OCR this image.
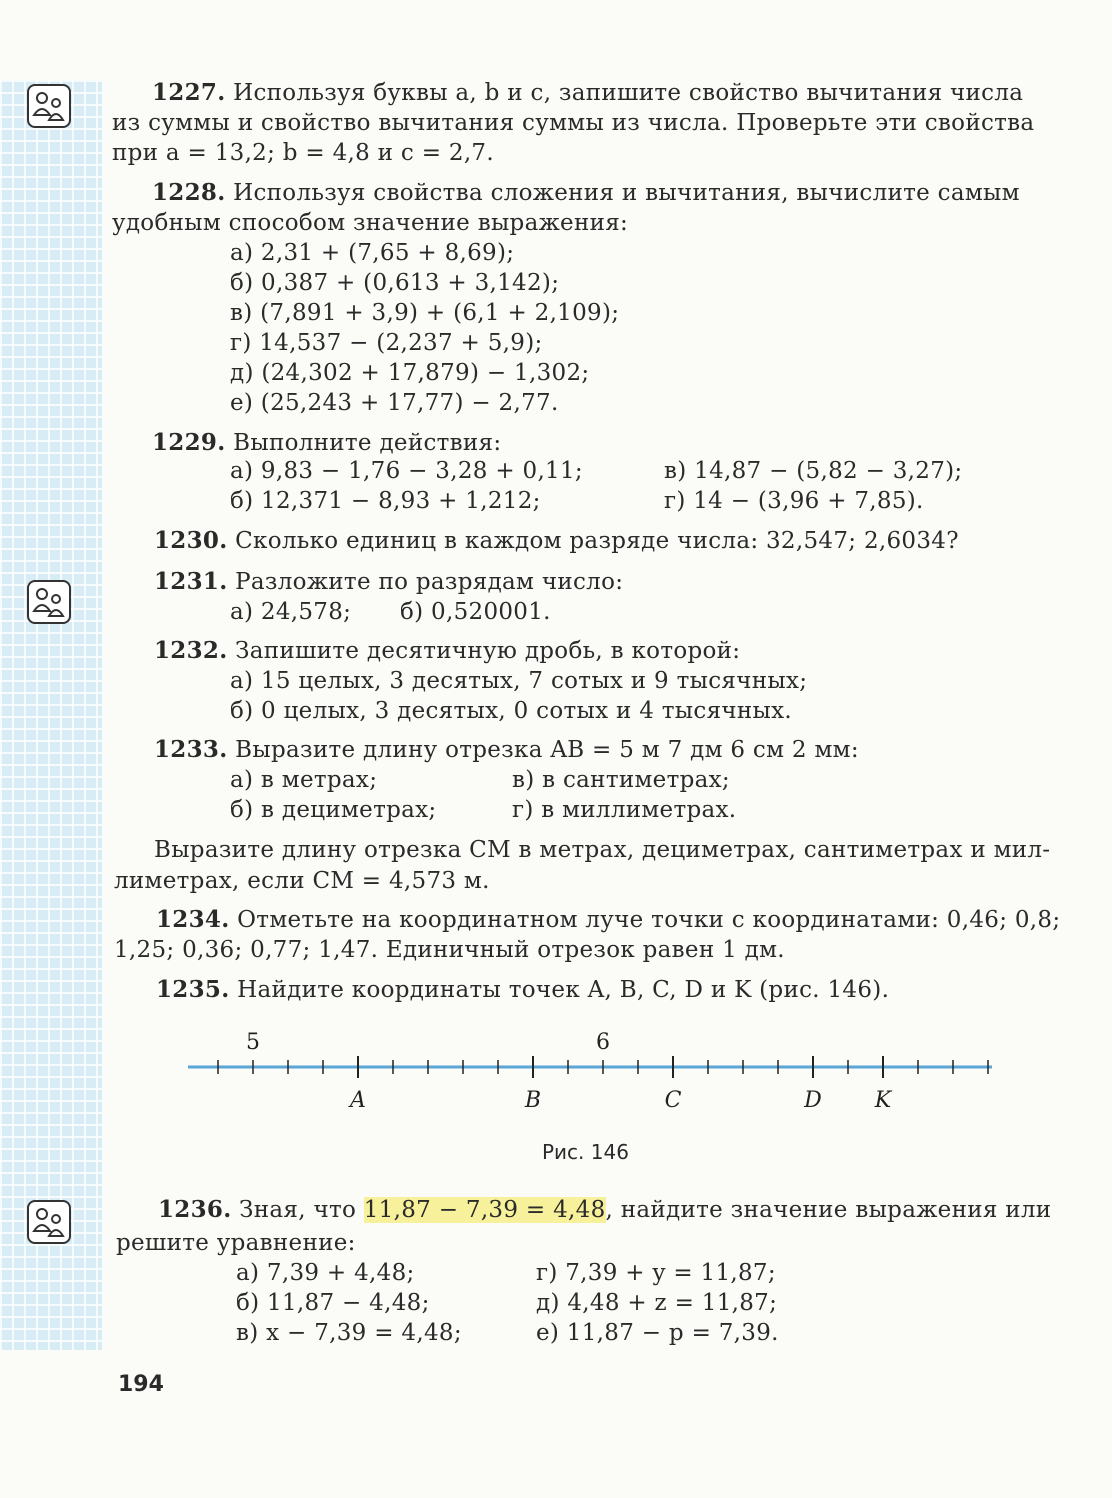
1227. Используя буквы a, b и c, запишите свойство вычитания числа
из суммы и свойство вычитания суммы из числа. Проверьте эти свойства
при a = 13,2; b = 4,8 и c = 2,7.
1228. Используя свойства сложения и вычитания, вычислите самым
удобным способом значение выражения:
а) 2,31 + (7,65 + 8,69);
б) 0,387 + (0,613 + 3,142);
в) (7,891 + 3,9) + (6,1 + 2,109);
г) 14,537 − (2,237 + 5,9);
д) (24,302 + 17,879) − 1,302;
е) (25,243 + 17,77) − 2,77.
1229. Выполните действия:
а) 9,83 − 1,76 − 3,28 + 0,11;	в) 14,87 − (5,82 − 3,27);
б) 12,371 − 8,93 + 1,212;	г) 14 − (3,96 + 7,85).
1230. Сколько единиц в каждом разряде числа: 32,547; 2,6034?
1231. Разложите по разрядам число:
а) 24,578; б) 0,520001.
1232. Запишите десятичную дробь, в которой:
а) 15 целых, 3 десятых, 7 сотых и 9 тысячных;
б) 0 целых, 3 десятых, 0 сотых и 4 тысячных.
1233. Выразите длину отрезка AB = 5 м 7 дм 6 см 2 мм:
а) в метрах;	в) в сантиметрах;
б) в дециметрах;	г) в миллиметрах.
Выразите длину отрезка CM в метрах, дециметрах, сантиметрах и мил-
лиметрах, если CM = 4,573 м.
1234. Отметьте на координатном луче точки с координатами: 0,46; 0,8;
1,25; 0,36; 0,77; 1,47. Единичный отрезок равен 1 дм.
1235. Найдите координаты точек A, B, C, D и K (рис. 146).
5	6
A	B	C	D K
Рис. 146
1236. Зная, что 11,87 − 7,39 = 4,48, найдите значение выражения или
решите уравнение:
а) 7,39 + 4,48;	г) 7,39 + y = 11,87;
б) 11,87 − 4,48;	д) 4,48 + z = 11,87;
в) x − 7,39 = 4,48;	е) 11,87 − p = 7,39.
194
